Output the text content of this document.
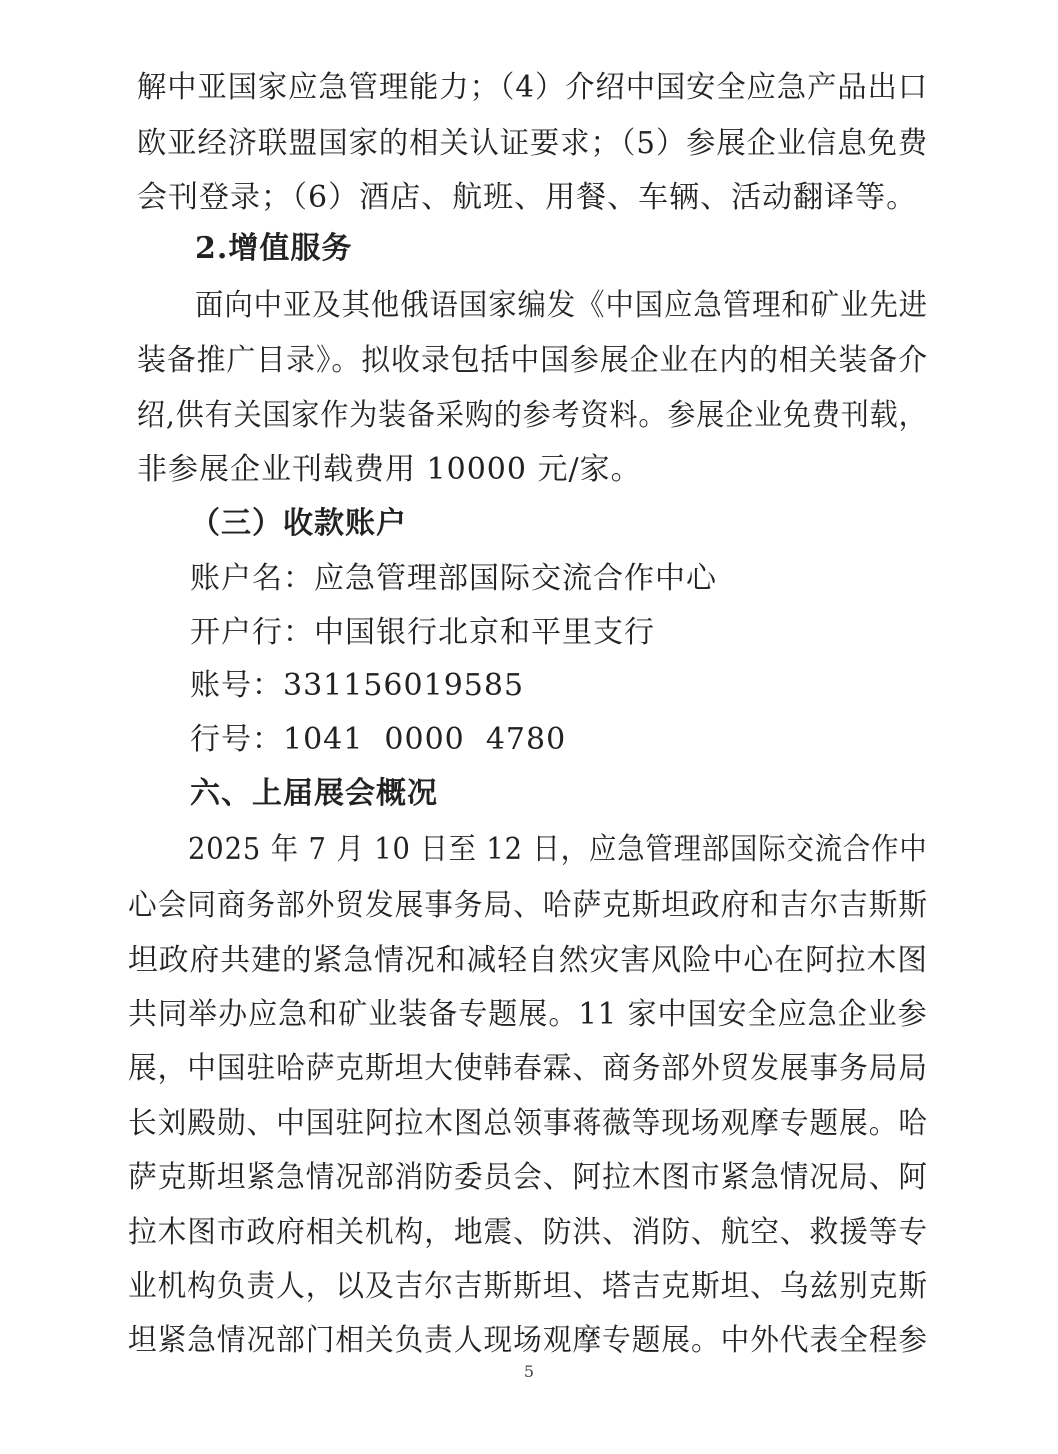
解中亚国家应急管理能力；（4）介绍中国安全应急产品出口
欧亚经济联盟国家的相关认证要求；（5）参展企业信息免费
会刊登录；（6）酒店、航班、用餐、车辆、活动翻译等。
2.增值服务
面向中亚及其他俄语国家编发《中国应急管理和矿业先进
装备推广目录》。拟收录包括中国参展企业在内的相关装备介
绍,供有关国家作为装备采购的参考资料。参展企业免费刊载，
非参展企业刊载费用 10000 元/家。
（三）收款账户
账户名：应急管理部国际交流合作中心
开户行：中国银行北京和平里支行
账号：331156019585
行号：1041  0000  4780
六、上届展会概况
2025 年 7 月 10 日至 12 日，应急管理部国际交流合作中
心会同商务部外贸发展事务局、哈萨克斯坦政府和吉尔吉斯斯
坦政府共建的紧急情况和减轻自然灾害风险中心在阿拉木图
共同举办应急和矿业装备专题展。11 家中国安全应急企业参
展，中国驻哈萨克斯坦大使韩春霖、商务部外贸发展事务局局
长刘殿勋、中国驻阿拉木图总领事蒋薇等现场观摩专题展。哈
萨克斯坦紧急情况部消防委员会、阿拉木图市紧急情况局、阿
拉木图市政府相关机构，地震、防洪、消防、航空、救援等专
业机构负责人，以及吉尔吉斯斯坦、塔吉克斯坦、乌兹别克斯
坦紧急情况部门相关负责人现场观摩专题展。中外代表全程参
5
